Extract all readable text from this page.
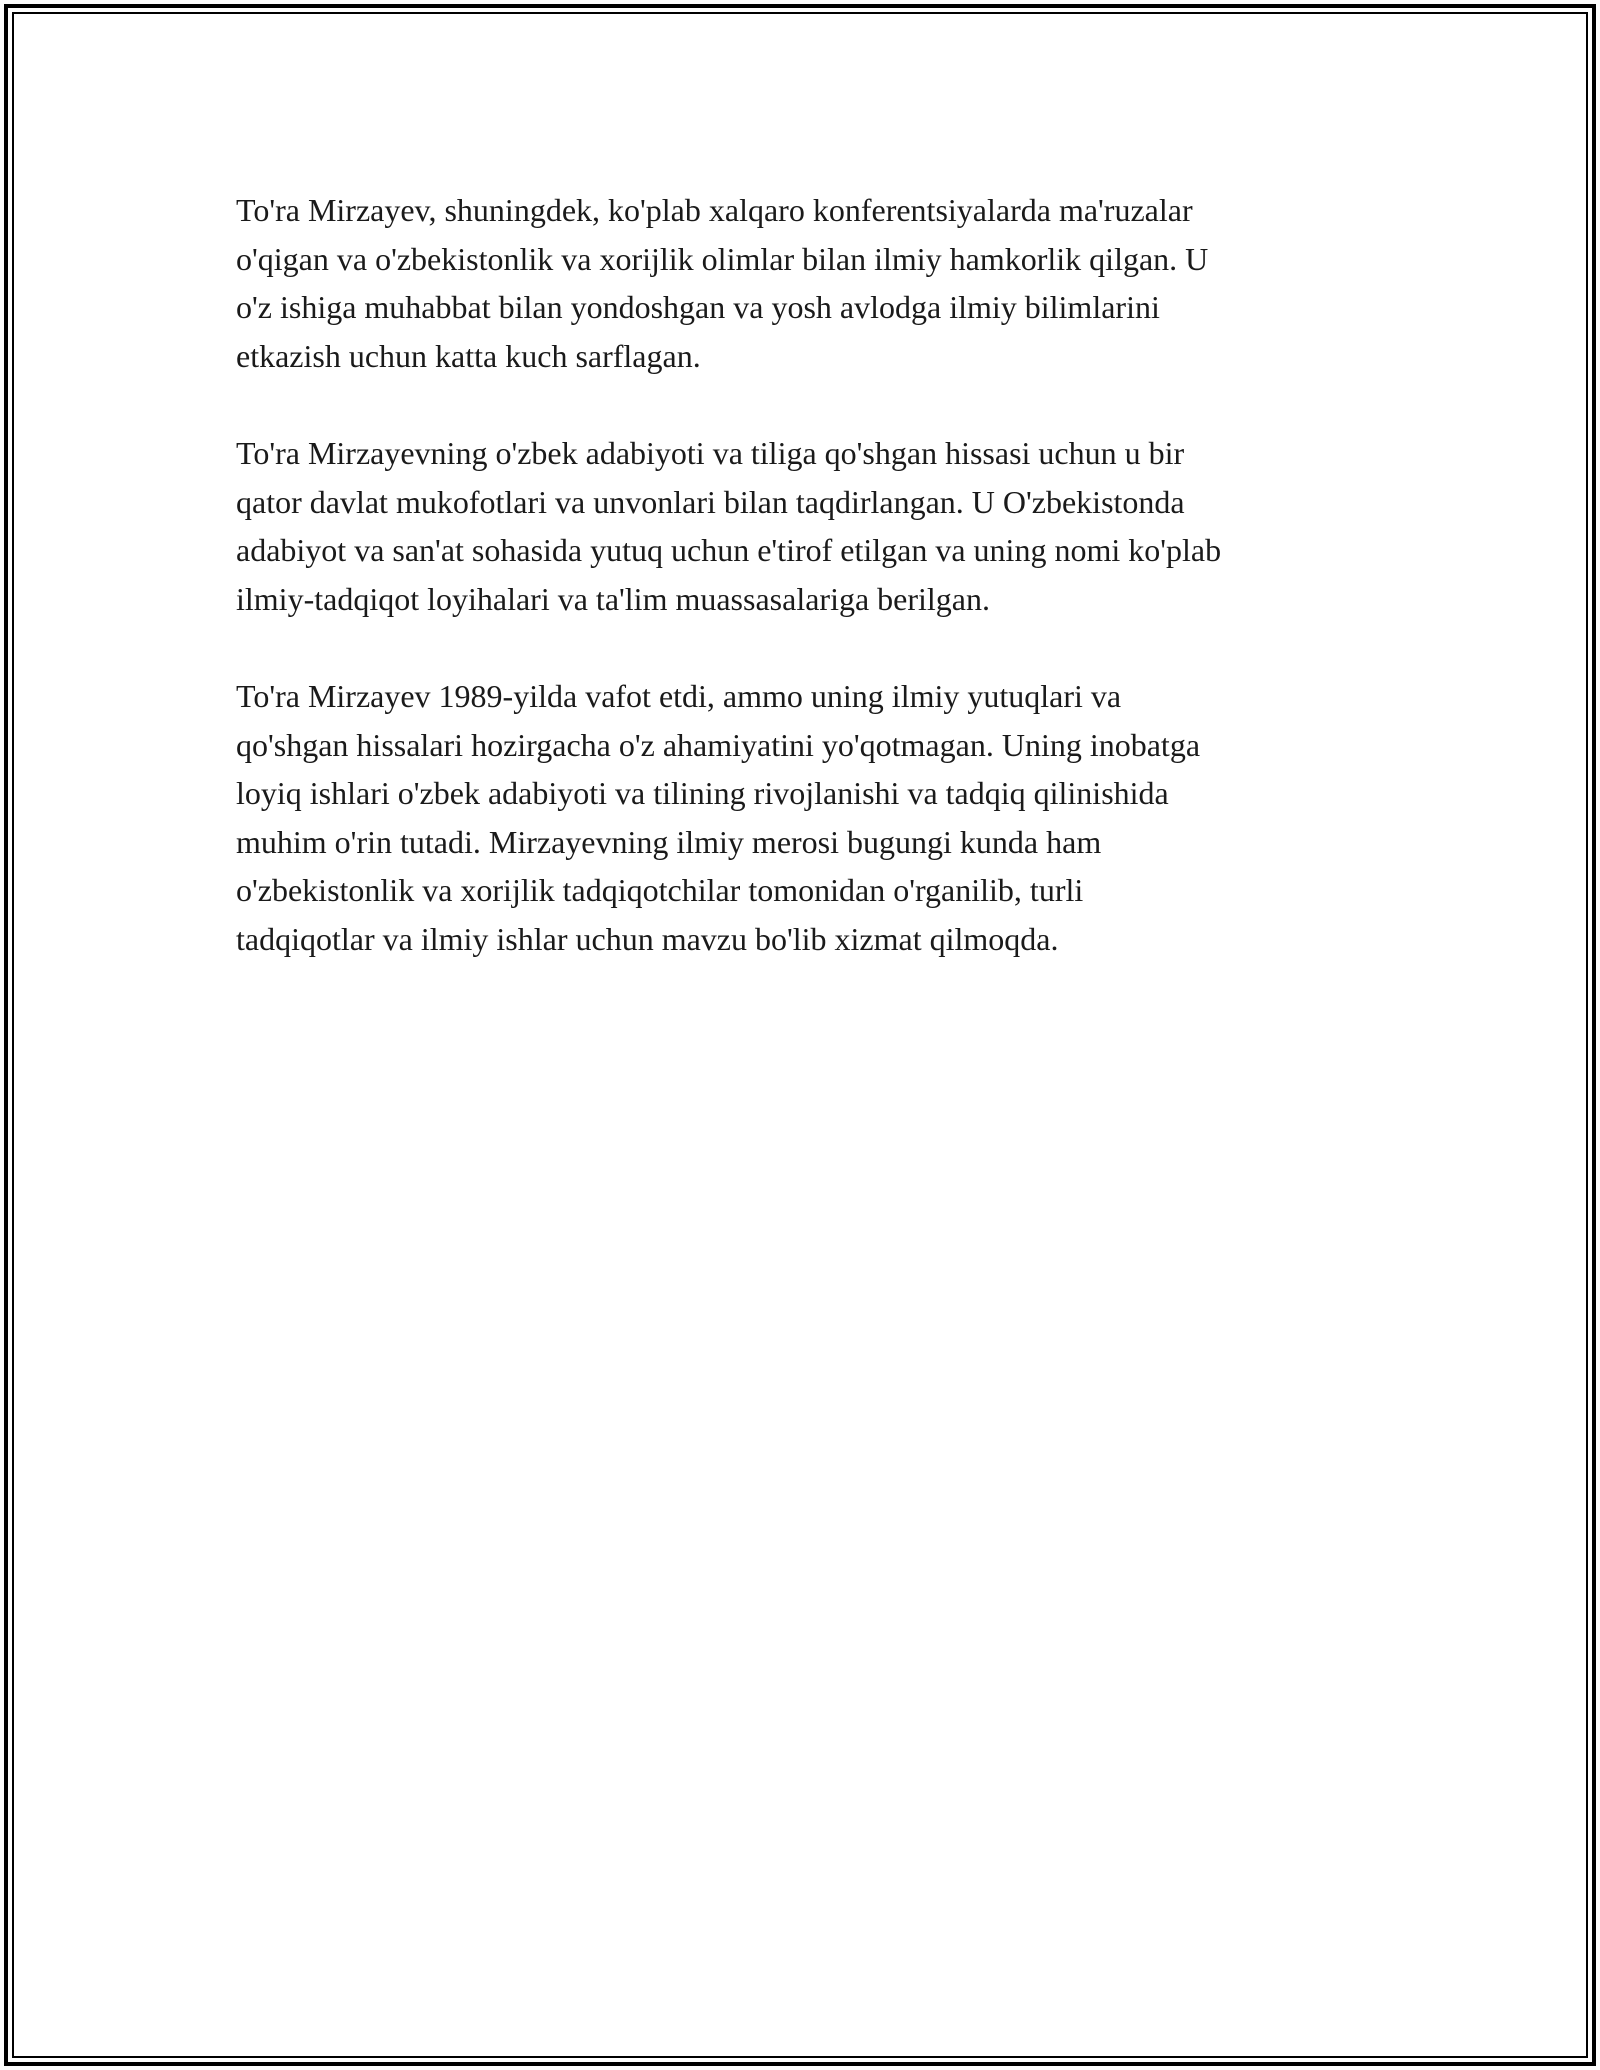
To'ra Mirzayev, shuningdek, ko'plab xalqaro konferentsiyalarda ma'ruzalar
o'qigan va o'zbekistonlik va xorijlik olimlar bilan ilmiy hamkorlik qilgan. U
o'z ishiga muhabbat bilan yondoshgan va yosh avlodga ilmiy bilimlarini
etkazish uchun katta kuch sarflagan.

To'ra Mirzayevning o'zbek adabiyoti va tiliga qo'shgan hissasi uchun u bir
qator davlat mukofotlari va unvonlari bilan taqdirlangan. U O'zbekistonda
adabiyot va san'at sohasida yutuq uchun e'tirof etilgan va uning nomi ko'plab
ilmiy-tadqiqot loyihalari va ta'lim muassasalariga berilgan.

To'ra Mirzayev 1989-yilda vafot etdi, ammo uning ilmiy yutuqlari va
qo'shgan hissalari hozirgacha o'z ahamiyatini yo'qotmagan. Uning inobatga
loyiq ishlari o'zbek adabiyoti va tilining rivojlanishi va tadqiq qilinishida
muhim o'rin tutadi. Mirzayevning ilmiy merosi bugungi kunda ham
o'zbekistonlik va xorijlik tadqiqotchilar tomonidan o'rganilib, turli
tadqiqotlar va ilmiy ishlar uchun mavzu bo'lib xizmat qilmoqda.
